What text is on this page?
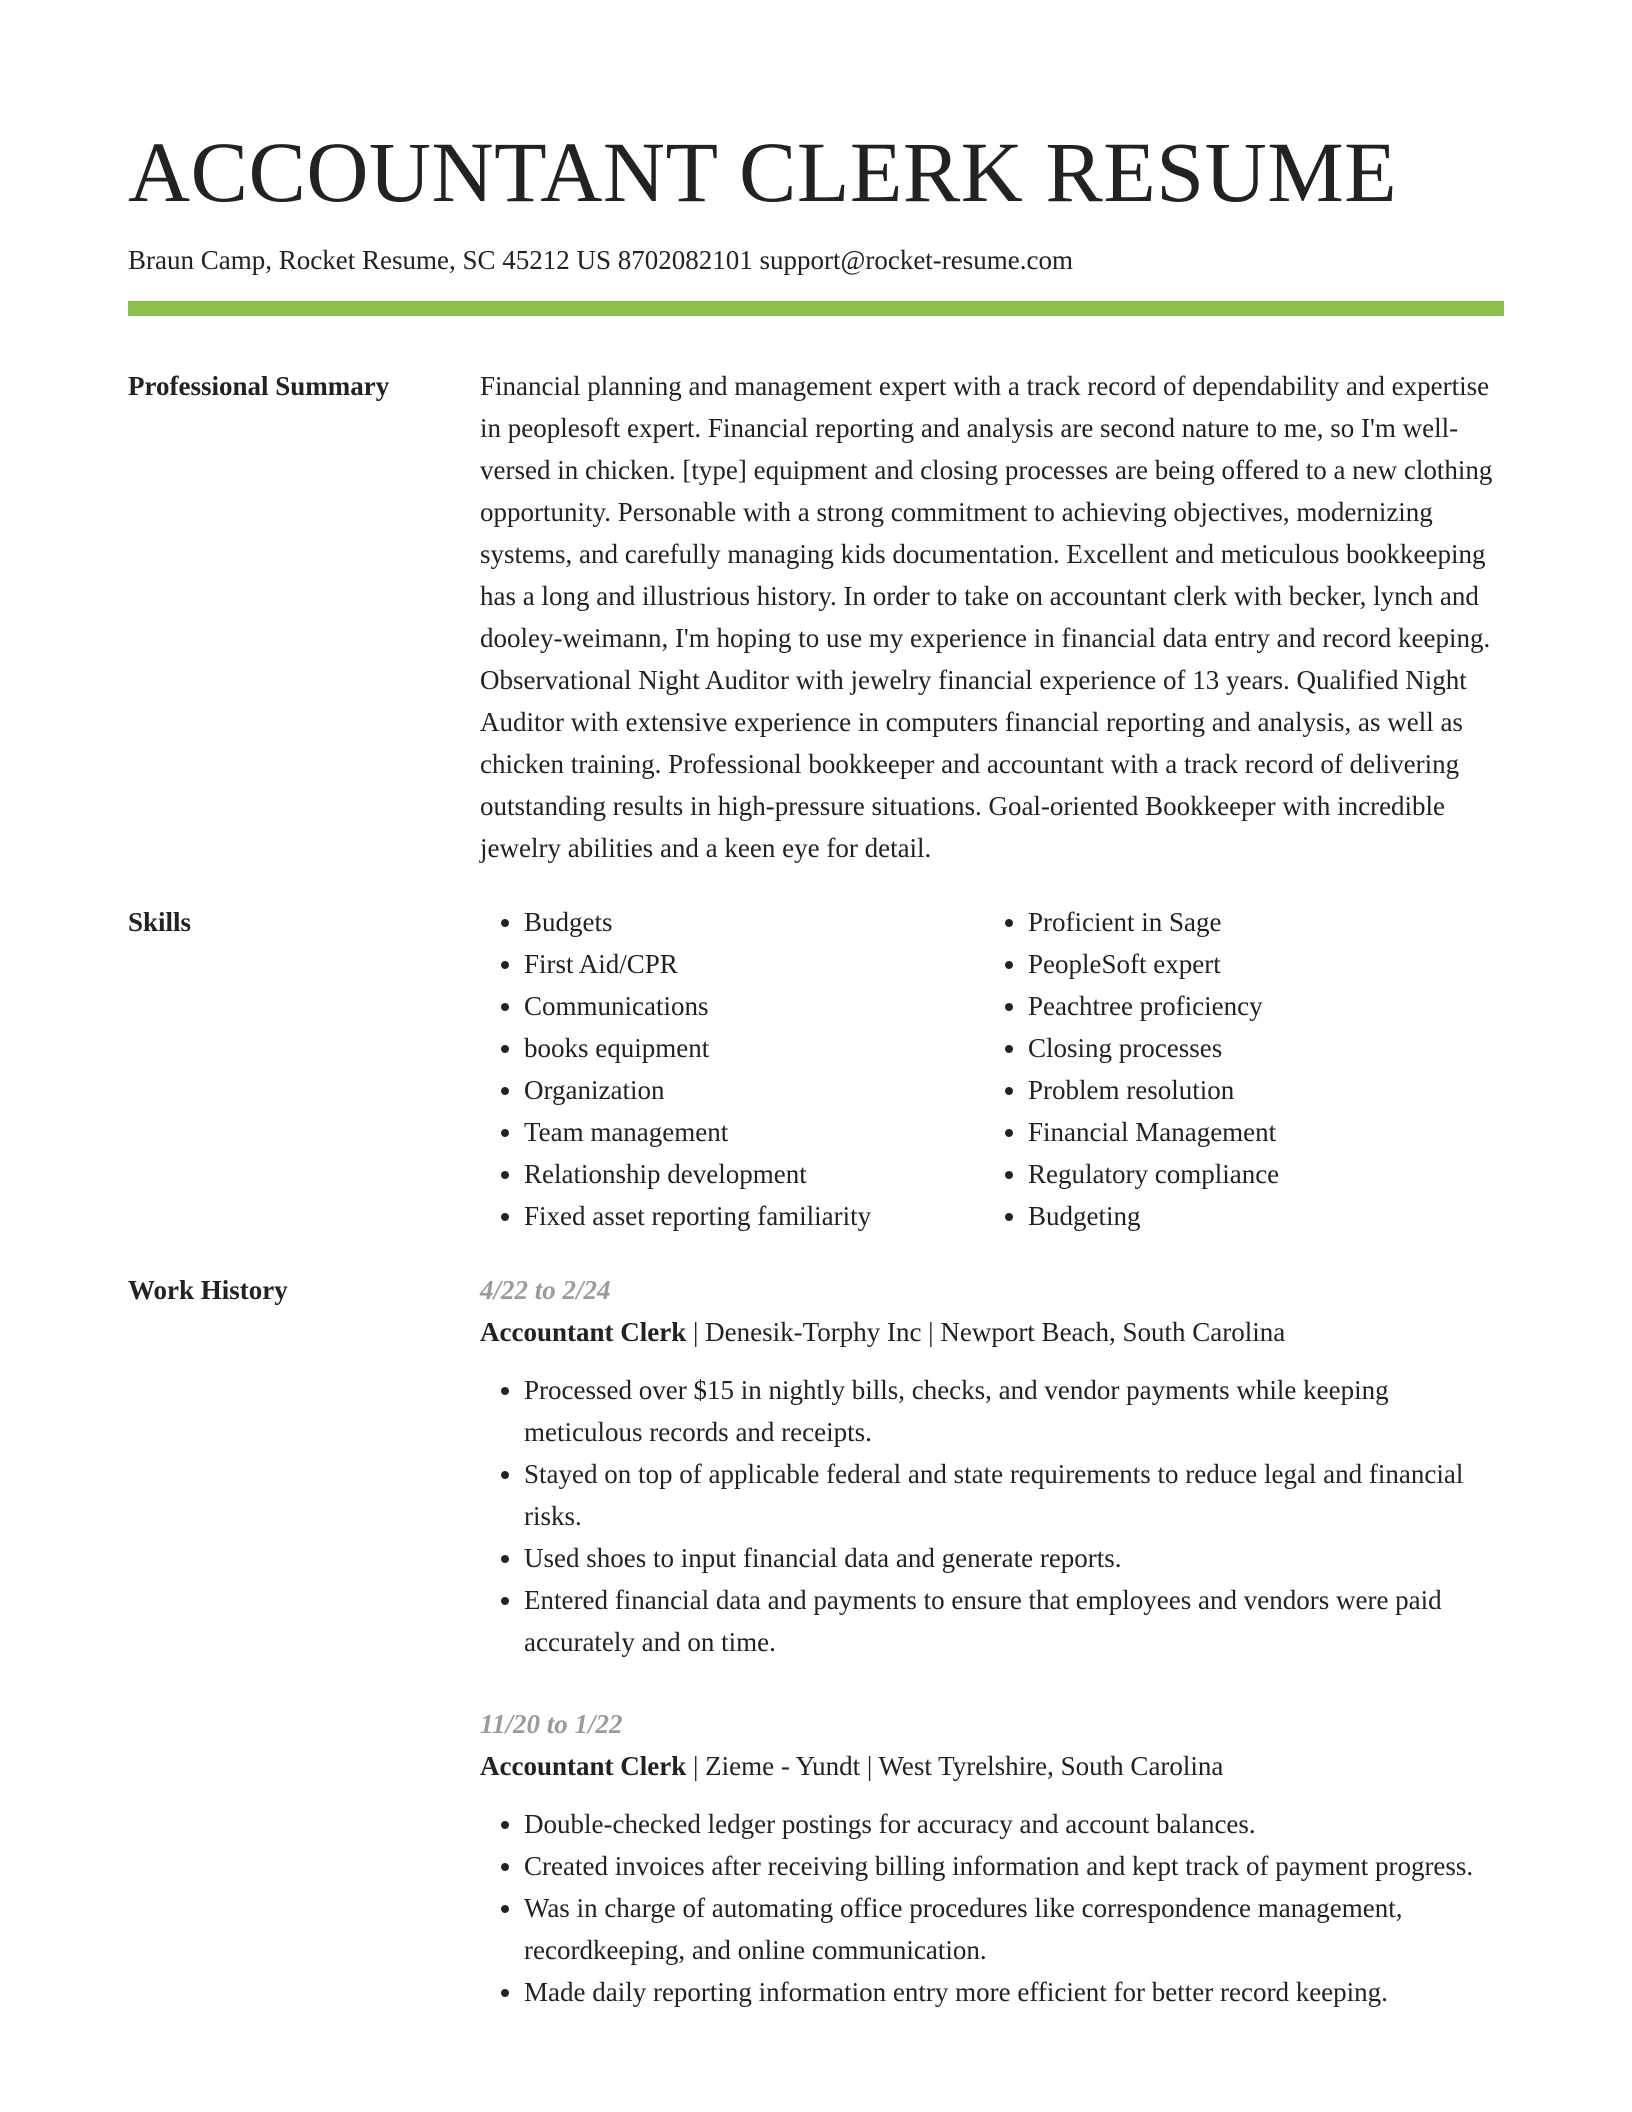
ACCOUNTANT CLERK RESUME
Braun Camp, Rocket Resume, SC 45212 US 8702082101 support@rocket-resume.com
Professional Summary	Financial planning and management expert with a track record of dependability and expertise in peoplesoft expert. Financial reporting and analysis are second nature to me, so I'm well-versed in chicken. [type] equipment and closing processes are being offered to a new clothing opportunity. Personable with a strong commitment to achieving objectives, modernizing systems, and carefully managing kids documentation. Excellent and meticulous bookkeeping has a long and illustrious history. In order to take on accountant clerk with becker, lynch and dooley-weimann, I'm hoping to use my experience in financial data entry and record keeping. Observational Night Auditor with jewelry financial experience of 13 years. Qualified Night Auditor with extensive experience in computers financial reporting and analysis, as well as chicken training. Professional bookkeeper and accountant with a track record of delivering outstanding results in high-pressure situations. Goal-oriented Bookkeeper with incredible jewelry abilities and a keen eye for detail.
Skills
•	Budgets
• First Aid/CPR
• Communications
• books equipment
• Organization
• Team management
• Relationship development
• Fixed asset reporting familiarity
• Proficient in Sage
• PeopleSoft expert
• Peachtree proficiency
• Closing processes
• Problem resolution
• Financial Management
• Regulatory compliance
• Budgeting
Work History	4/22 to 2/24
Accountant Clerk | Denesik-Torphy Inc | Newport Beach, South Carolina
• Processed over $15 in nightly bills, checks, and vendor payments while keeping meticulous records and receipts.
• Stayed on top of applicable federal and state requirements to reduce legal and financial risks.
• Used shoes to input financial data and generate reports.
• Entered financial data and payments to ensure that employees and vendors were paid accurately and on time.
11/20 to 1/22
Accountant Clerk | Zieme - Yundt | West Tyrelshire, South Carolina
• Double-checked ledger postings for accuracy and account balances.
• Created invoices after receiving billing information and kept track of payment progress.
• Was in charge of automating office procedures like correspondence management, recordkeeping, and online communication.
• Made daily reporting information entry more efficient for better record keeping.
